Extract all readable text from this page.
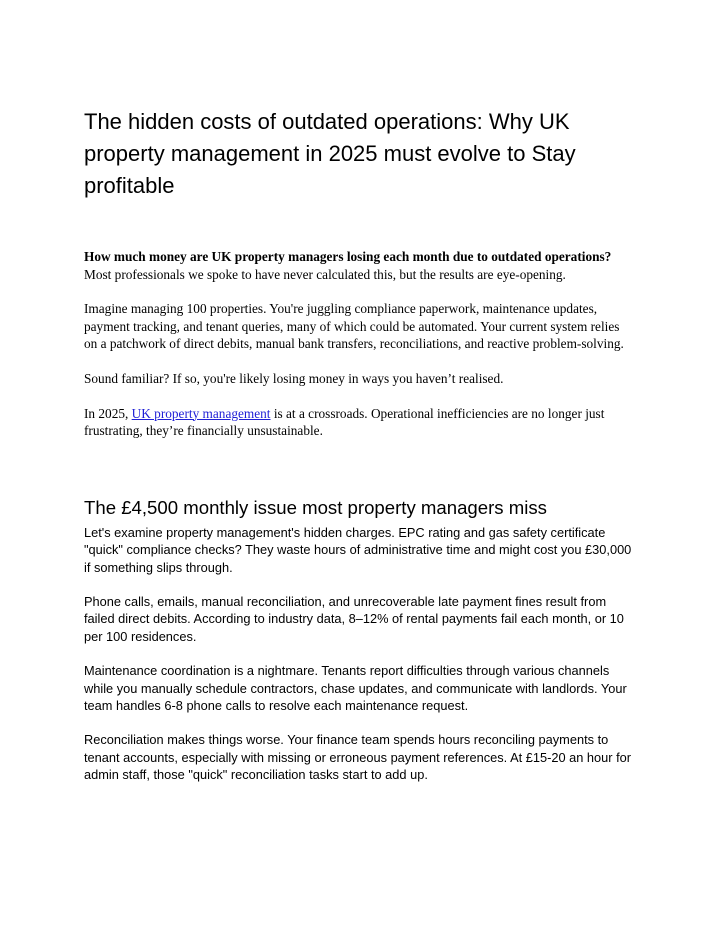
The hidden costs of outdated operations: Why UK property management in 2025 must evolve to Stay profitable

How much money are UK property managers losing each month due to outdated operations? Most professionals we spoke to have never calculated this, but the results are eye-opening.

Imagine managing 100 properties. You're juggling compliance paperwork, maintenance updates, payment tracking, and tenant queries, many of which could be automated. Your current system relies on a patchwork of direct debits, manual bank transfers, reconciliations, and reactive problem-solving.

Sound familiar? If so, you're likely losing money in ways you haven’t realised.

In 2025, UK property management is at a crossroads. Operational inefficiencies are no longer just frustrating, they’re financially unsustainable.

The £4,500 monthly issue most property managers miss

Let's examine property management's hidden charges. EPC rating and gas safety certificate "quick" compliance checks? They waste hours of administrative time and might cost you £30,000 if something slips through.

Phone calls, emails, manual reconciliation, and unrecoverable late payment fines result from failed direct debits. According to industry data, 8–12% of rental payments fail each month, or 10 per 100 residences.

Maintenance coordination is a nightmare. Tenants report difficulties through various channels while you manually schedule contractors, chase updates, and communicate with landlords. Your team handles 6-8 phone calls to resolve each maintenance request.

Reconciliation makes things worse. Your finance team spends hours reconciling payments to tenant accounts, especially with missing or erroneous payment references. At £15-20 an hour for admin staff, those "quick" reconciliation tasks start to add up.
